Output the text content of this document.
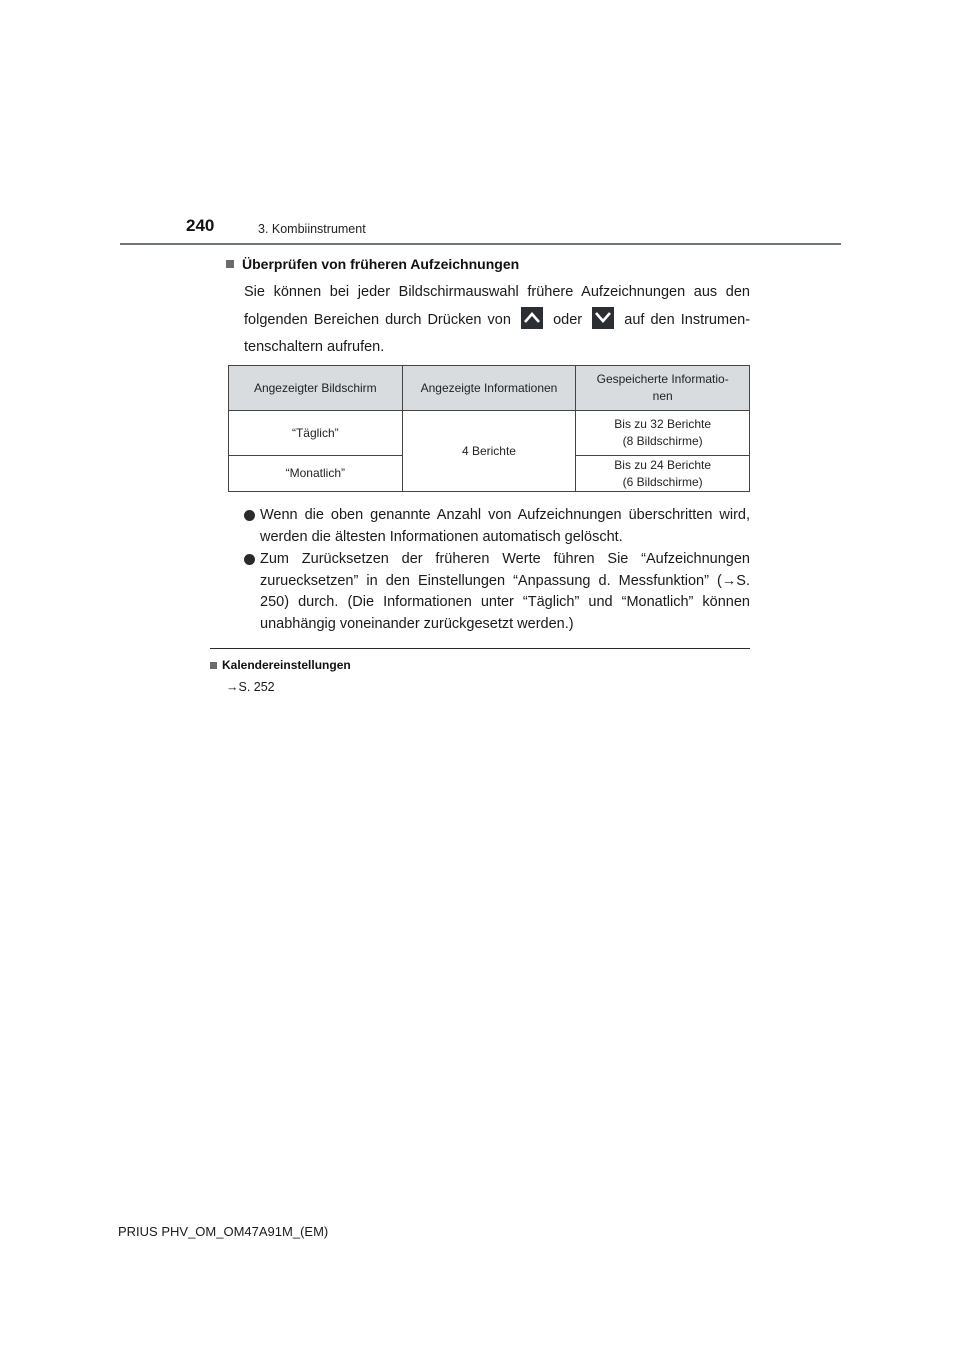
240	3. Kombiinstrument
Überprüfen von früheren Aufzeichnungen
Sie können bei jeder Bildschirmauswahl frühere Aufzeichnungen aus den folgenden Bereichen durch Drücken von	oder	auf den Instrumentenschaltern aufrufen.
Angezeigter Bildschirm	Angezeigte Informationen	Gespeicherte Informatio-
nen
“Täglich”	4 Berichte	Bis zu 32 Berichte
(8 Bildschirme)
“Monatlich”		Bis zu 24 Berichte
(6 Bildschirme)
Wenn die oben genannte Anzahl von Aufzeichnungen überschritten wird, werden die ältesten Informationen automatisch gelöscht.
Zum Zurücksetzen der früheren Werte führen Sie “Aufzeichnungen zuruecksetzen” in den Einstellungen “Anpassung d. Messfunktion” (→S. 250) durch. (Die Informationen unter “Täglich” und “Monatlich” können unabhängig voneinander zurückgesetzt werden.)
Kalendereinstellungen
→S. 252
PRIUS PHV_OM_OM47A91M_(EM)
